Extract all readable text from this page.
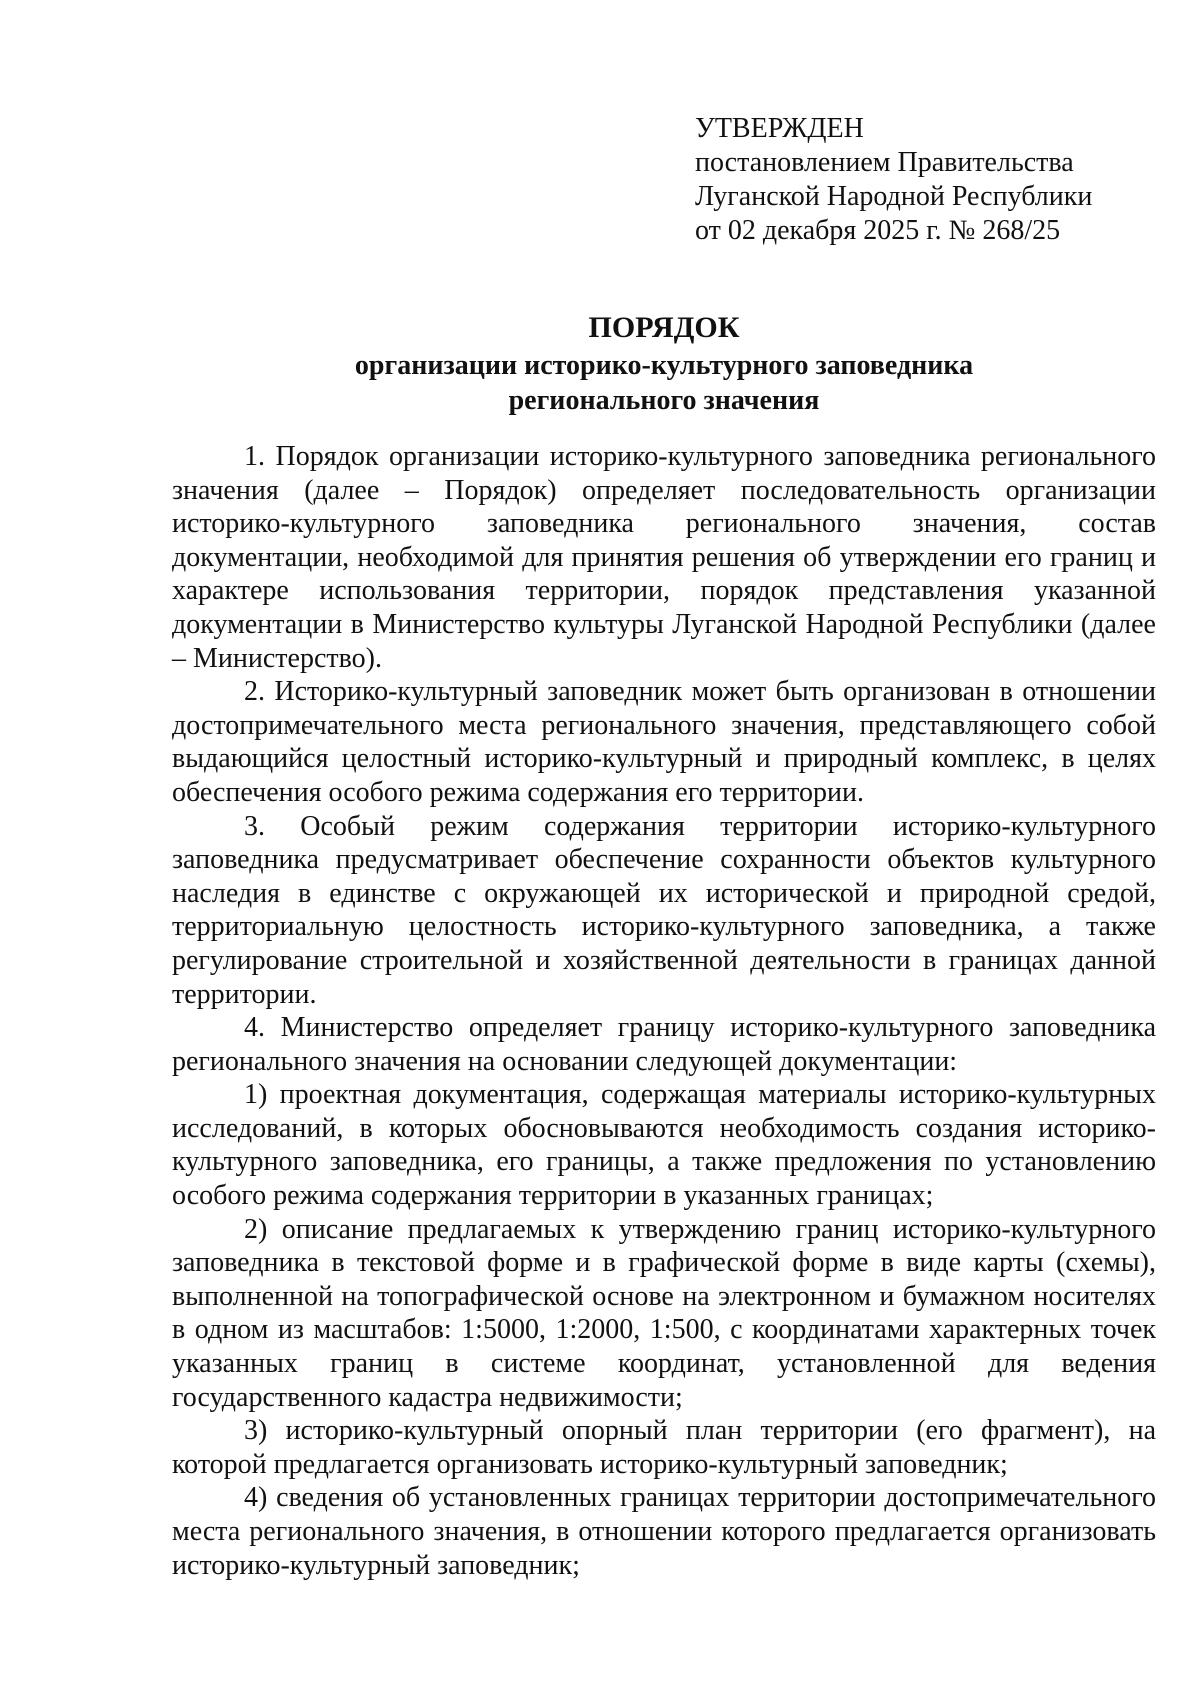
УТВЕРЖДЕН
постановлением Правительства
Луганской Народной Республики
от 02 декабря 2025 г. № 268/25
ПОРЯДОК
организации историко-культурного заповедника
регионального значения

1. Порядок организации историко-культурного заповедника регионального значения (далее – Порядок) определяет последовательность организации историко-культурного заповедника регионального значения, состав документации, необходимой для принятия решения об утверждении его границ и характере использования территории, порядок представления указанной документации в Министерство культуры Луганской Народной Республики (далее – Министерство).

2. Историко-культурный заповедник может быть организован в отношении достопримечательного места регионального значения, представляющего собой выдающийся целостный историко-культурный и природный комплекс, в целях обеспечения особого режима содержания его территории.

3. Особый режим содержания территории историко-культурного заповедника предусматривает обеспечение сохранности объектов культурного наследия в единстве с окружающей их исторической и природной средой, территориальную целостность историко-культурного заповедника, а также регулирование строительной и хозяйственной деятельности в границах данной территории.

4. Министерство определяет границу историко-культурного заповедника регионального значения на основании следующей документации:

1) проектная документация, содержащая материалы историко-культурных исследований, в которых обосновываются необходимость создания историко-культурного заповедника, его границы, а также предложения по установлению особого режима содержания территории в указанных границах;

2) описание предлагаемых к утверждению границ историко-культурного заповедника в текстовой форме и в графической форме в виде карты (схемы), выполненной на топографической основе на электронном и бумажном носителях в одном из масштабов: 1:5000, 1:2000, 1:500, с координатами характерных точек указанных границ в системе координат, установленной для ведения государственного кадастра недвижимости;

3) историко-культурный опорный план территории (его фрагмент), на которой предлагается организовать историко-культурный заповедник;

4) сведения об установленных границах территории достопримечательного места регионального значения, в отношении которого предлагается организовать историко-культурный заповедник;
